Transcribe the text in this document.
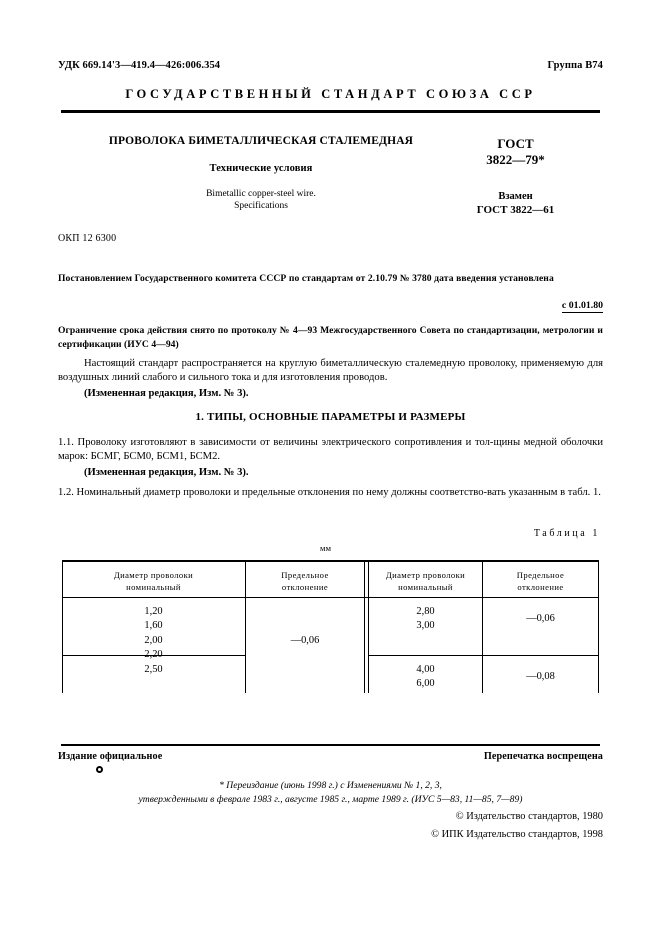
УДК 669.14'3—419.4—426:006.354	Группа В74
ГОСУДАРСТВЕННЫЙ СТАНДАРТ СОЮЗА ССР
ПРОВОЛОКА БИМЕТАЛЛИЧЕСКАЯ СТАЛЕМЕДНАЯ
Технические условия
Bimetallic copper-steel wire.
Specifications
ГОСТ
3822—79*
Взамен
ГОСТ 3822—61
ОКП 12 6300
Постановлением Государственного комитета СССР по стандартам от 2.10.79 № 3780 дата введения установлена
с 01.01.80
Ограничение срока действия снято по протоколу № 4—93 Межгосударственного Совета по стандартизации, метрологии и сертификации (ИУС 4—94)
Настоящий стандарт распространяется на круглую биметаллическую сталемедную проволоку, применяемую для воздушных линий слабого и сильного тока и для изготовления проводов.
(Измененная редакция, Изм. № 3).
1. ТИПЫ, ОСНОВНЫЕ ПАРАМЕТРЫ И РАЗМЕРЫ
1.1. Проволоку изготовляют в зависимости от величины электрического сопротивления и тол-щины медной оболочки марок: БСМГ, БСМ0, БСМ1, БСМ2.
(Измененная редакция, Изм. № 3).
1.2. Номинальный диаметр проволоки и предельные отклонения по нему должны соответство-вать указанным в табл. 1.
Таблица 1
мм
Диаметр проволоки
номинальный
Предельное
отклонение
Диаметр проволоки
номинальный
Предельное
отклонение
1,20
1,60
2,00
2,20
—0,06
2,50
2,80
3,00
—0,06
4,00
6,00
—0,08
Издание официальное	Перепечатка воспрещена
* Переиздание (июнь 1998 г.) с Изменениями № 1, 2, 3,
утвержденными в феврале 1983 г., августе 1985 г., марте 1989 г. (ИУС 5—83, 11—85, 7—89)
© Издательство стандартов, 1980
© ИПК Издательство стандартов, 1998
